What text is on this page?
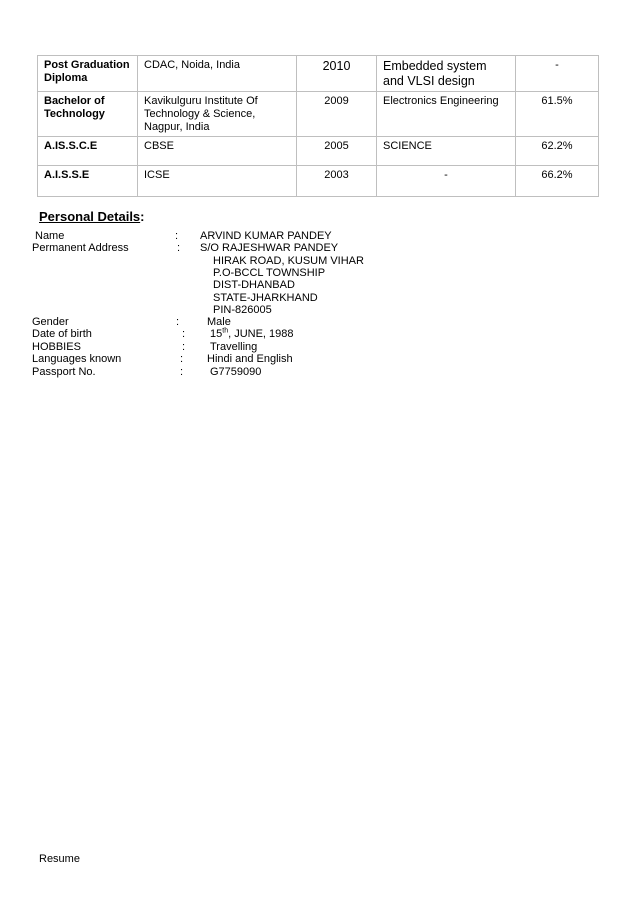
Post Graduation Diploma	CDAC, Noida, India	2010	Embedded system and VLSI design	-
Bachelor of Technology	Kavikulguru Institute Of Technology & Science, Nagpur, India	2009	Electronics Engineering	61.5%
A.IS.S.C.E	CBSE	2005	SCIENCE	62.2%
A.I.S.S.E	ICSE	2003	-	66.2%
Personal Details:
Name	: ARVIND KUMAR PANDEY
Permanent Address	: S/O RAJESHWAR PANDEY
HIRAK ROAD, KUSUM VIHAR
P.O-BCCL TOWNSHIP
DIST-DHANBAD
STATE-JHARKHAND
PIN-826005
Gender	:	Male
Date of birth	: 15th, JUNE, 1988
HOBBIES	: Travelling
Languages known	: Hindi and English
Passport No.	: G7759090
Resume
